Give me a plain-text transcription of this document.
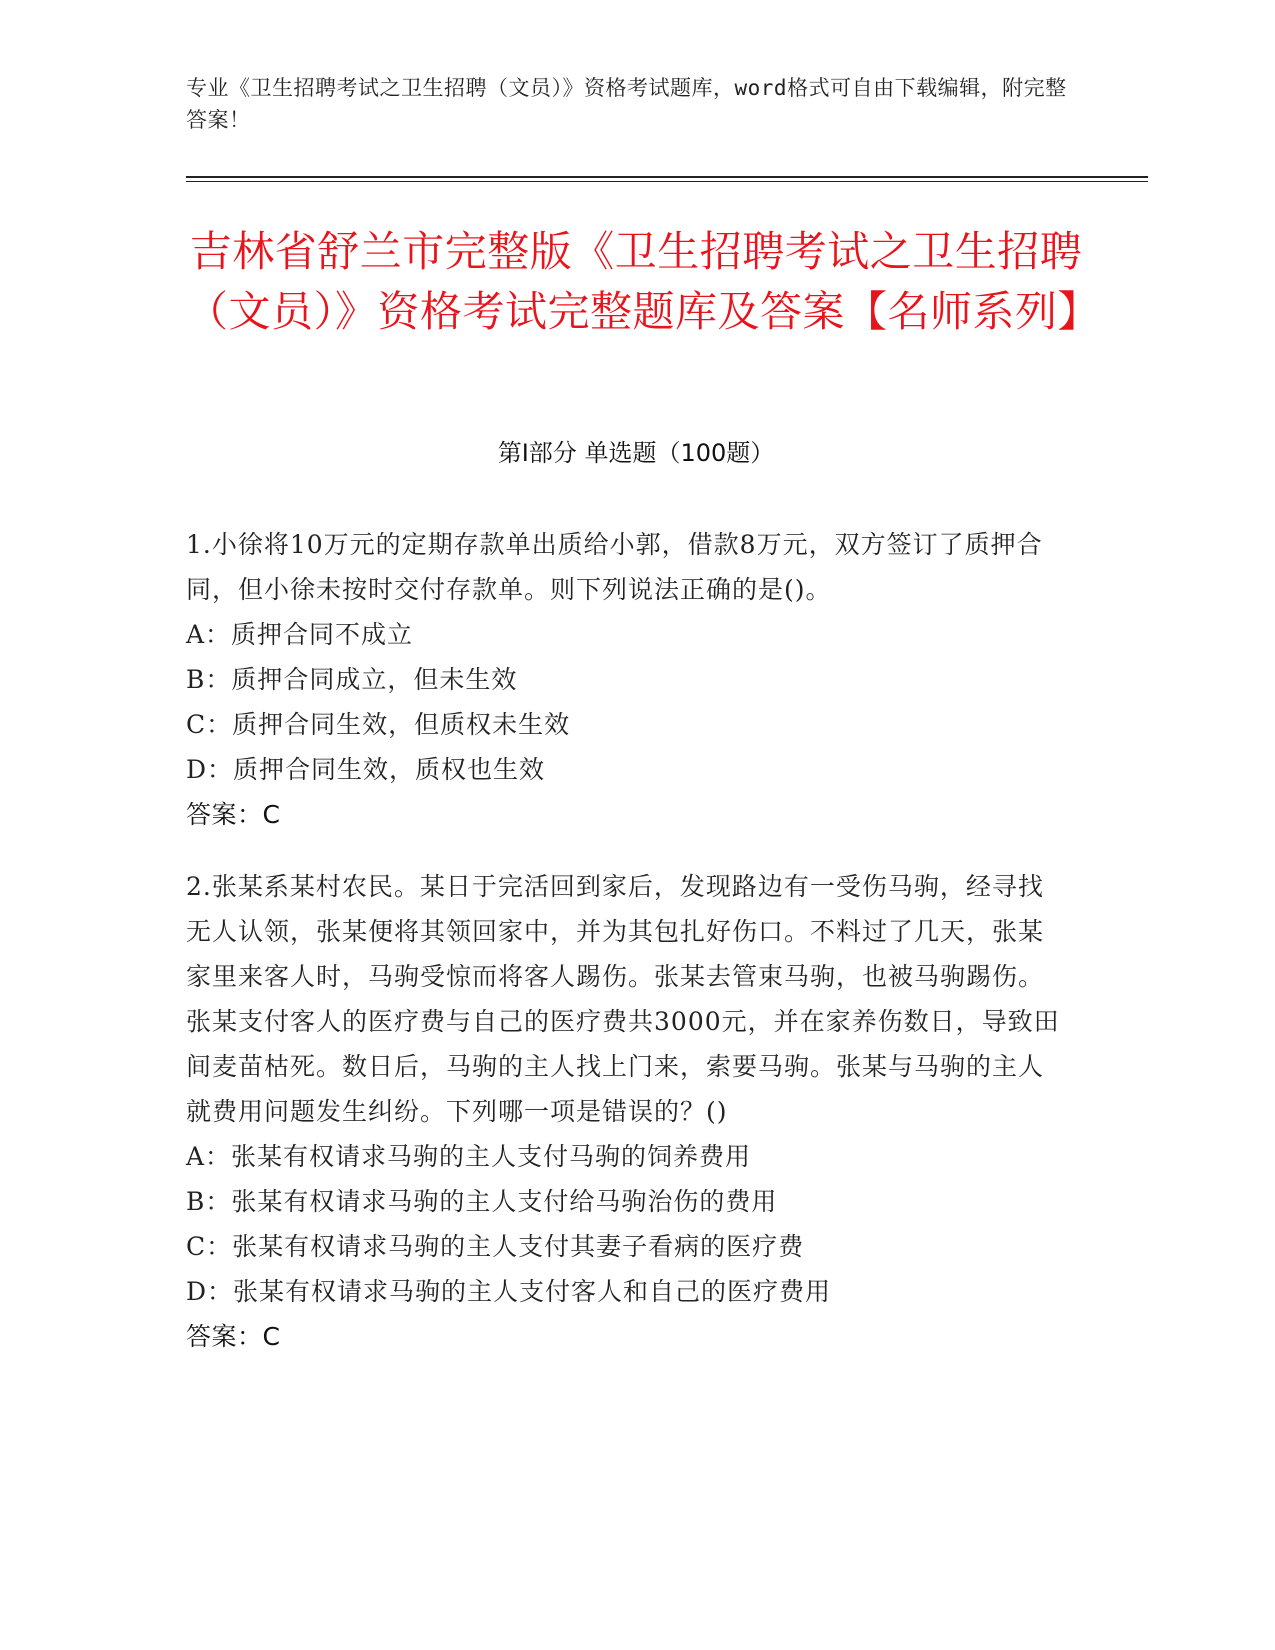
专业《卫生招聘考试之卫生招聘（文员）》资格考试题库，word格式可自由下载编辑，附完整答案！
吉林省舒兰市完整版《卫生招聘考试之卫生招聘（文员）》资格考试完整题库及答案【名师系列】
第Ⅰ部分 单选题（100题）
1.小徐将10万元的定期存款单出质给小郭，借款8万元，双方签订了质押合同，但小徐未按时交付存款单。则下列说法正确的是()。
A：质押合同不成立
B：质押合同成立，但未生效
C：质押合同生效，但质权未生效
D：质押合同生效，质权也生效
答案：C
2.张某系某村农民。某日于完活回到家后，发现路边有一受伤马驹，经寻找无人认领，张某便将其领回家中，并为其包扎好伤口。不料过了几天，张某家里来客人时，马驹受惊而将客人踢伤。张某去管束马驹，也被马驹踢伤。张某支付客人的医疗费与自己的医疗费共3000元，并在家养伤数日，导致田间麦苗枯死。数日后，马驹的主人找上门来，索要马驹。张某与马驹的主人就费用问题发生纠纷。下列哪一项是错误的？()
A：张某有权请求马驹的主人支付马驹的饲养费用
B：张某有权请求马驹的主人支付给马驹治伤的费用
C：张某有权请求马驹的主人支付其妻子看病的医疗费
D：张某有权请求马驹的主人支付客人和自己的医疗费用
答案：C
